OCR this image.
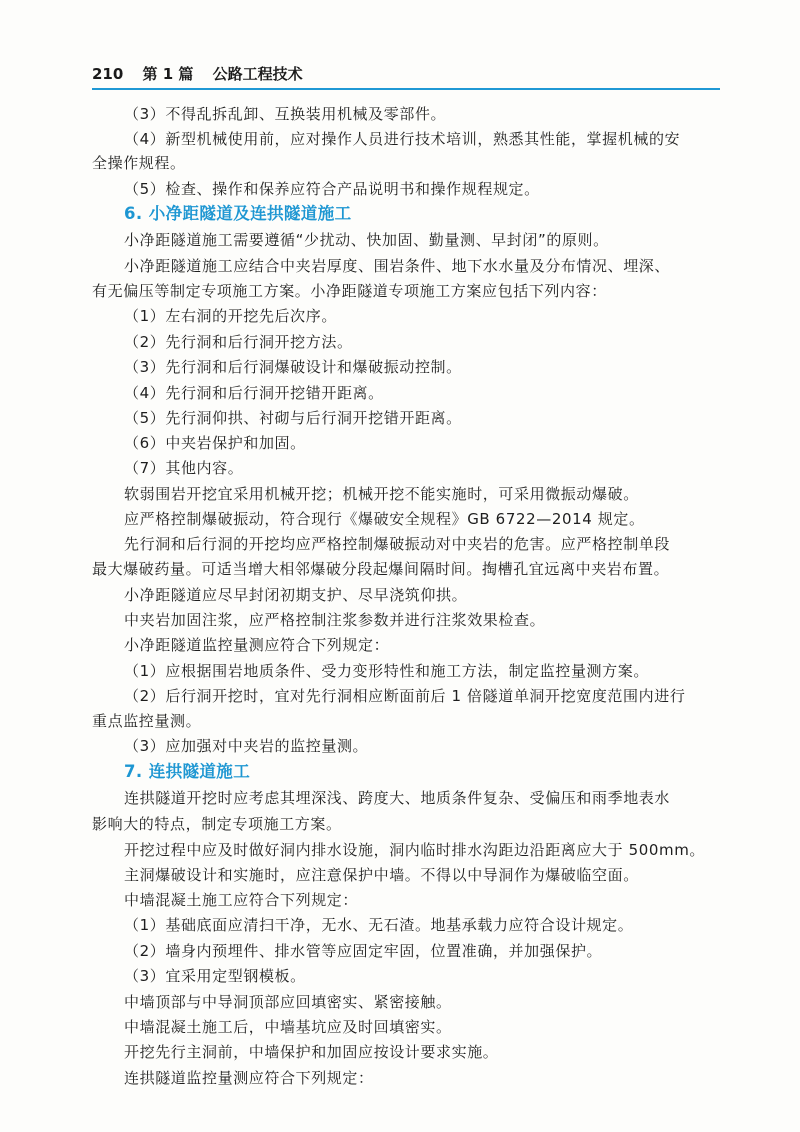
210 第 1 篇 公路工程技术
（3）不得乱拆乱卸、互换装用机械及零部件。
（4）新型机械使用前，应对操作人员进行技术培训，熟悉其性能，掌握机械的安
全操作规程。
（5）检查、操作和保养应符合产品说明书和操作规程规定。
6. 小净距隧道及连拱隧道施工
小净距隧道施工需要遵循“少扰动、快加固、勤量测、早封闭”的原则。
小净距隧道施工应结合中夹岩厚度、围岩条件、地下水水量及分布情况、埋深、
有无偏压等制定专项施工方案。小净距隧道专项施工方案应包括下列内容：
（1）左右洞的开挖先后次序。
（2）先行洞和后行洞开挖方法。
（3）先行洞和后行洞爆破设计和爆破振动控制。
（4）先行洞和后行洞开挖错开距离。
（5）先行洞仰拱、衬砌与后行洞开挖错开距离。
（6）中夹岩保护和加固。
（7）其他内容。
软弱围岩开挖宜采用机械开挖；机械开挖不能实施时，可采用微振动爆破。
应严格控制爆破振动，符合现行《爆破安全规程》GB 6722—2014 规定。
先行洞和后行洞的开挖均应严格控制爆破振动对中夹岩的危害。应严格控制单段
最大爆破药量。可适当增大相邻爆破分段起爆间隔时间。掏槽孔宜远离中夹岩布置。
小净距隧道应尽早封闭初期支护、尽早浇筑仰拱。
中夹岩加固注浆，应严格控制注浆参数并进行注浆效果检查。
小净距隧道监控量测应符合下列规定：
（1）应根据围岩地质条件、受力变形特性和施工方法，制定监控量测方案。
（2）后行洞开挖时，宜对先行洞相应断面前后 1 倍隧道单洞开挖宽度范围内进行
重点监控量测。
（3）应加强对中夹岩的监控量测。
7. 连拱隧道施工
连拱隧道开挖时应考虑其埋深浅、跨度大、地质条件复杂、受偏压和雨季地表水
影响大的特点，制定专项施工方案。
开挖过程中应及时做好洞内排水设施，洞内临时排水沟距边沿距离应大于 500mm。
主洞爆破设计和实施时，应注意保护中墙。不得以中导洞作为爆破临空面。
中墙混凝土施工应符合下列规定：
（1）基础底面应清扫干净，无水、无石渣。地基承载力应符合设计规定。
（2）墙身内预埋件、排水管等应固定牢固，位置准确，并加强保护。
（3）宜采用定型钢模板。
中墙顶部与中导洞顶部应回填密实、紧密接触。
中墙混凝土施工后，中墙基坑应及时回填密实。
开挖先行主洞前，中墙保护和加固应按设计要求实施。
连拱隧道监控量测应符合下列规定：
